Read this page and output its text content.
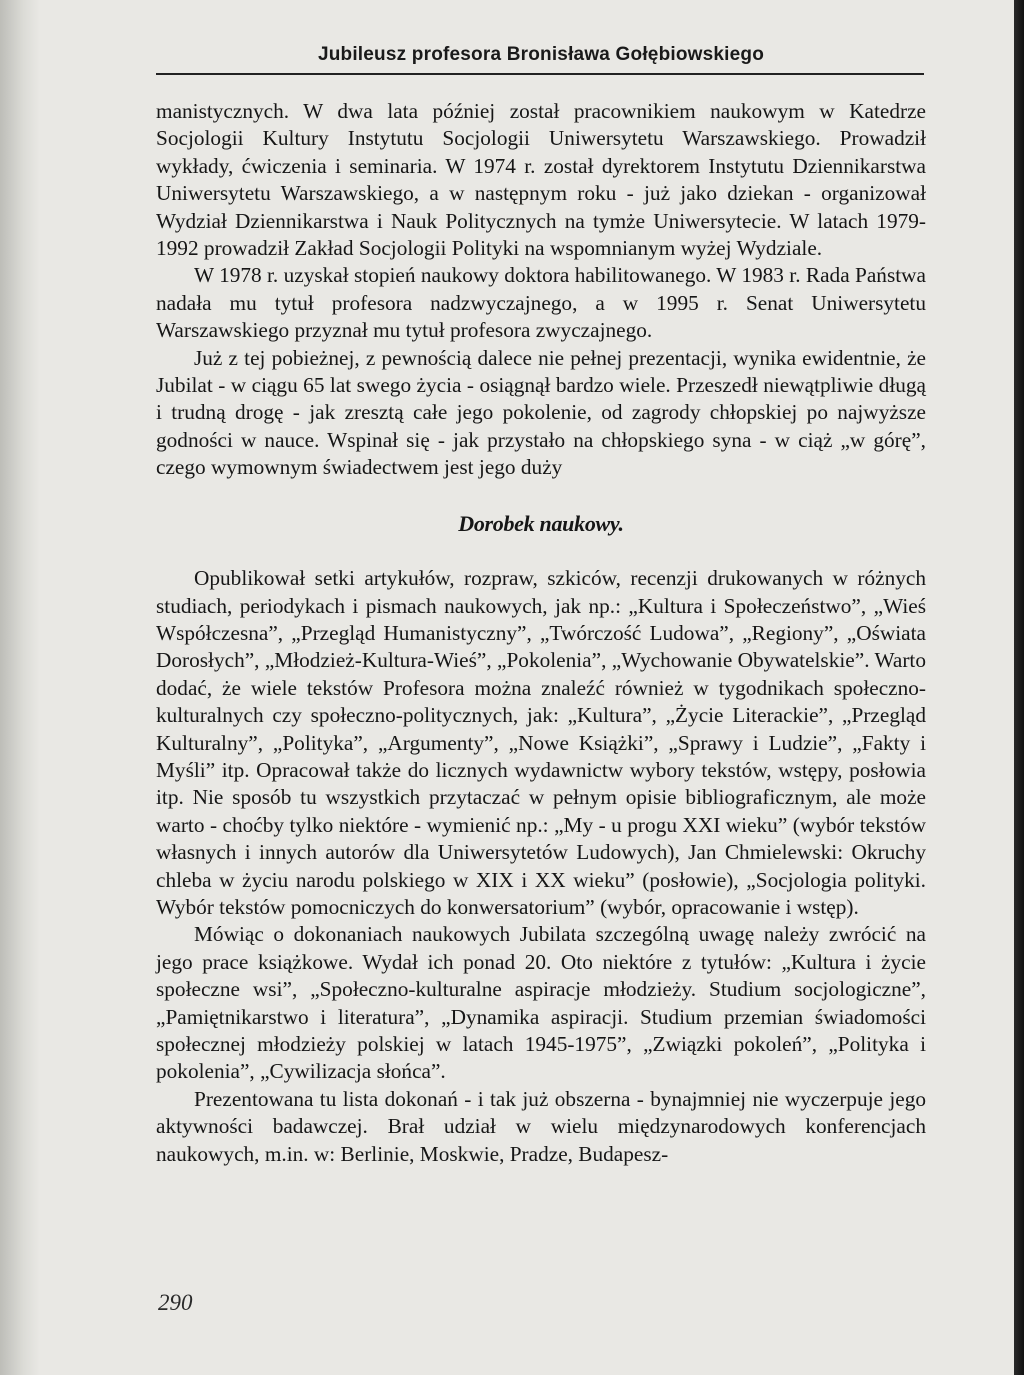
Jubileusz profesora Bronisława Gołębiowskiego

manistycznych. W dwa lata później został pracownikiem naukowym w Katedrze Socjologii Kultury Instytutu Socjologii Uniwersytetu Warszawskiego. Prowadził wykłady, ćwiczenia i seminaria. W 1974 r. został dyrektorem Instytutu Dziennikarstwa Uniwersytetu Warszawskiego, a w następnym roku - już jako dziekan - organizował Wydział Dziennikarstwa i Nauk Politycznych na tymże Uniwersytecie. W latach 1979-1992 prowadził Zakład Socjologii Polityki na wspomnianym wyżej Wydziale.

W 1978 r. uzyskał stopień naukowy doktora habilitowanego. W 1983 r. Rada Państwa nadała mu tytuł profesora nadzwyczajnego, a w 1995 r. Senat Uniwersytetu Warszawskiego przyznał mu tytuł profesora zwyczajnego.

Już z tej pobieżnej, z pewnością dalece nie pełnej prezentacji, wynika ewidentnie, że Jubilat - w ciągu 65 lat swego życia - osiągnął bardzo wiele. Przeszedł niewątpliwie długą i trudną drogę - jak zresztą całe jego pokolenie, od zagrody chłopskiej po najwyższe godności w nauce. Wspinał się - jak przystało na chłopskiego syna - w ciąż „w górę”, czego wymownym świadectwem jest jego duży

Dorobek naukowy.

Opublikował setki artykułów, rozpraw, szkiców, recenzji drukowanych w różnych studiach, periodykach i pismach naukowych, jak np.: „Kultura i Społeczeństwo”, „Wieś Współczesna”, „Przegląd Humanistyczny”, „Twórczość Ludowa”, „Regiony”, „Oświata Dorosłych”, „Młodzież-Kultura-Wieś”, „Pokolenia”, „Wychowanie Obywatelskie”. Warto dodać, że wiele tekstów Profesora można znaleźć również w tygodnikach społeczno-kulturalnych czy społeczno-politycznych, jak: „Kultura”, „Życie Literackie”, „Przegląd Kulturalny”, „Polityka”, „Argumenty”, „Nowe Książki”, „Sprawy i Ludzie”, „Fakty i Myśli” itp. Opracował także do licznych wydawnictw wybory tekstów, wstępy, posłowia itp. Nie sposób tu wszystkich przytaczać w pełnym opisie bibliograficznym, ale może warto - choćby tylko niektóre - wymienić np.: „My - u progu XXI wieku” (wybór tekstów własnych i innych autorów dla Uniwersytetów Ludowych), Jan Chmielewski: Okruchy chleba w życiu narodu polskiego w XIX i XX wieku” (posłowie), „Socjologia polityki. Wybór tekstów pomocniczych do konwersatorium” (wybór, opracowanie i wstęp).

Mówiąc o dokonaniach naukowych Jubilata szczególną uwagę należy zwrócić na jego prace książkowe. Wydał ich ponad 20. Oto niektóre z tytułów: „Kultura i życie społeczne wsi”, „Społeczno-kulturalne aspiracje młodzieży. Studium socjologiczne”, „Pamiętnikarstwo i literatura”, „Dynamika aspiracji. Studium przemian świadomości społecznej młodzieży polskiej w latach 1945-1975”, „Związki pokoleń”, „Polityka i pokolenia”, „Cywilizacja słońca”.

Prezentowana tu lista dokonań - i tak już obszerna - bynajmniej nie wyczerpuje jego aktywności badawczej. Brał udział w wielu międzynarodowych konferencjach naukowych, m.in. w: Berlinie, Moskwie, Pradze, Budapesz-

290
